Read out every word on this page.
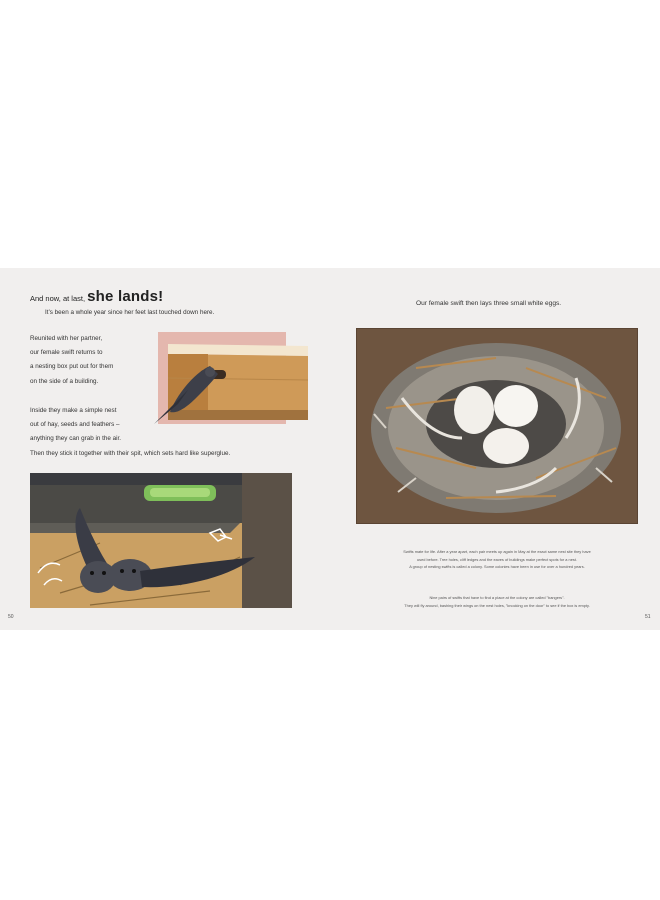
And now, at last, she lands!
It’s been a whole year since her feet last touched down here.
Reunited with her partner,
our female swift returns to
a nesting box put out for them
on the side of a building.
Inside they make a simple nest
out of hay, seeds and feathers –
anything they can grab in the air.
Then they stick it together with their spit, which sets hard like superglue.
50
Our female swift then lays three small white eggs.
Swifts mate for life. After a year apart, each pair meets up again in May at the exact same nest site they have
used before. Tree holes, cliff ledges and the eaves of buildings make perfect spots for a nest.
A group of nesting swifts is called a colony. Some colonies have been in use for over a hundred years.
Nine pairs of swifts that have to find a place at the colony are called "bangers".
They will fly around, bashing their wings on the nest holes, "knocking on the door" to see if the box is empty.
51
